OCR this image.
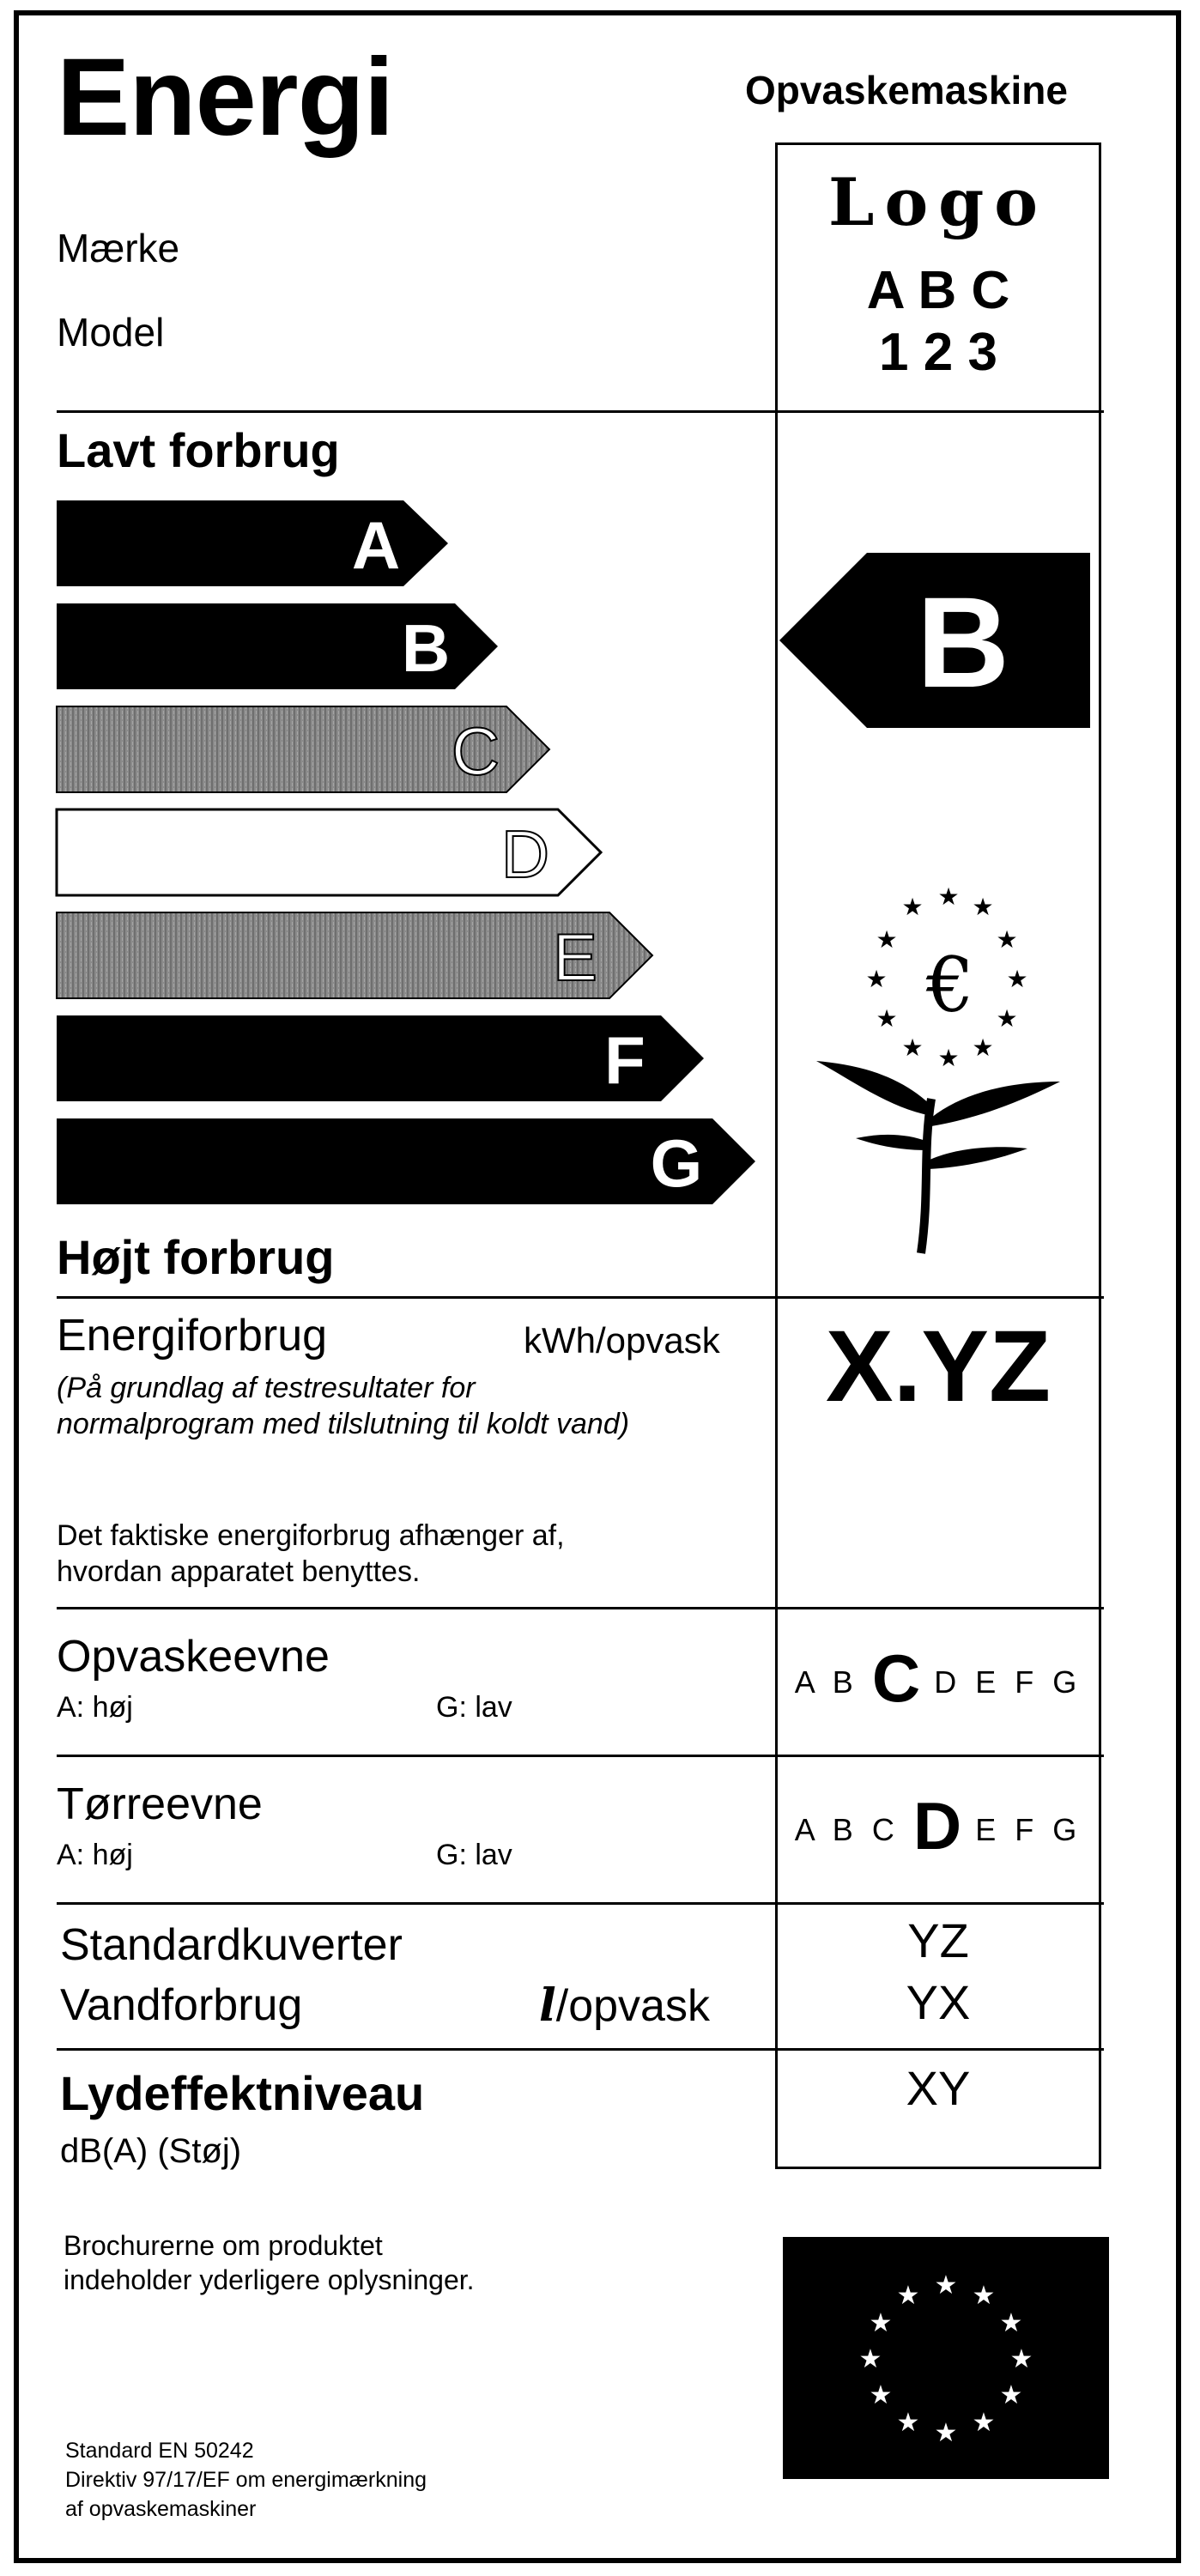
Energi	Opvaskemaskine
Mærke
Model
Logo
A B C
1 2 3
Lavt forbrug
A
B
C
D
E
F
G
B
★ ★
★
★
★
★
★
★
★
★
★ ★
€
Højt forbrug
Energiforbrug	kWh/opvask
(På grundlag af testresultater for
normalprogram med tilslutning til koldt vand)
Det faktiske energiforbrug afhænger af,
hvordan apparatet benyttes.
X.YZ
Opvaskeevne
A: høj	G: lav
A B C D E F G
Tørreevne
A: høj	G: lav
A B C D E F G
Standardkuverter	YZ
Vandforbrug	l/opvask	YX
Lydeffektniveau
dB(A) (Støj)
XY
Brochurerne om produktet
indeholder yderligere oplysninger.
Standard EN 50242
Direktiv 97/17/EF om energimærkning
af opvaskemaskiner
★ ★
★
★
★
★
★
★
★
★
★ ★
